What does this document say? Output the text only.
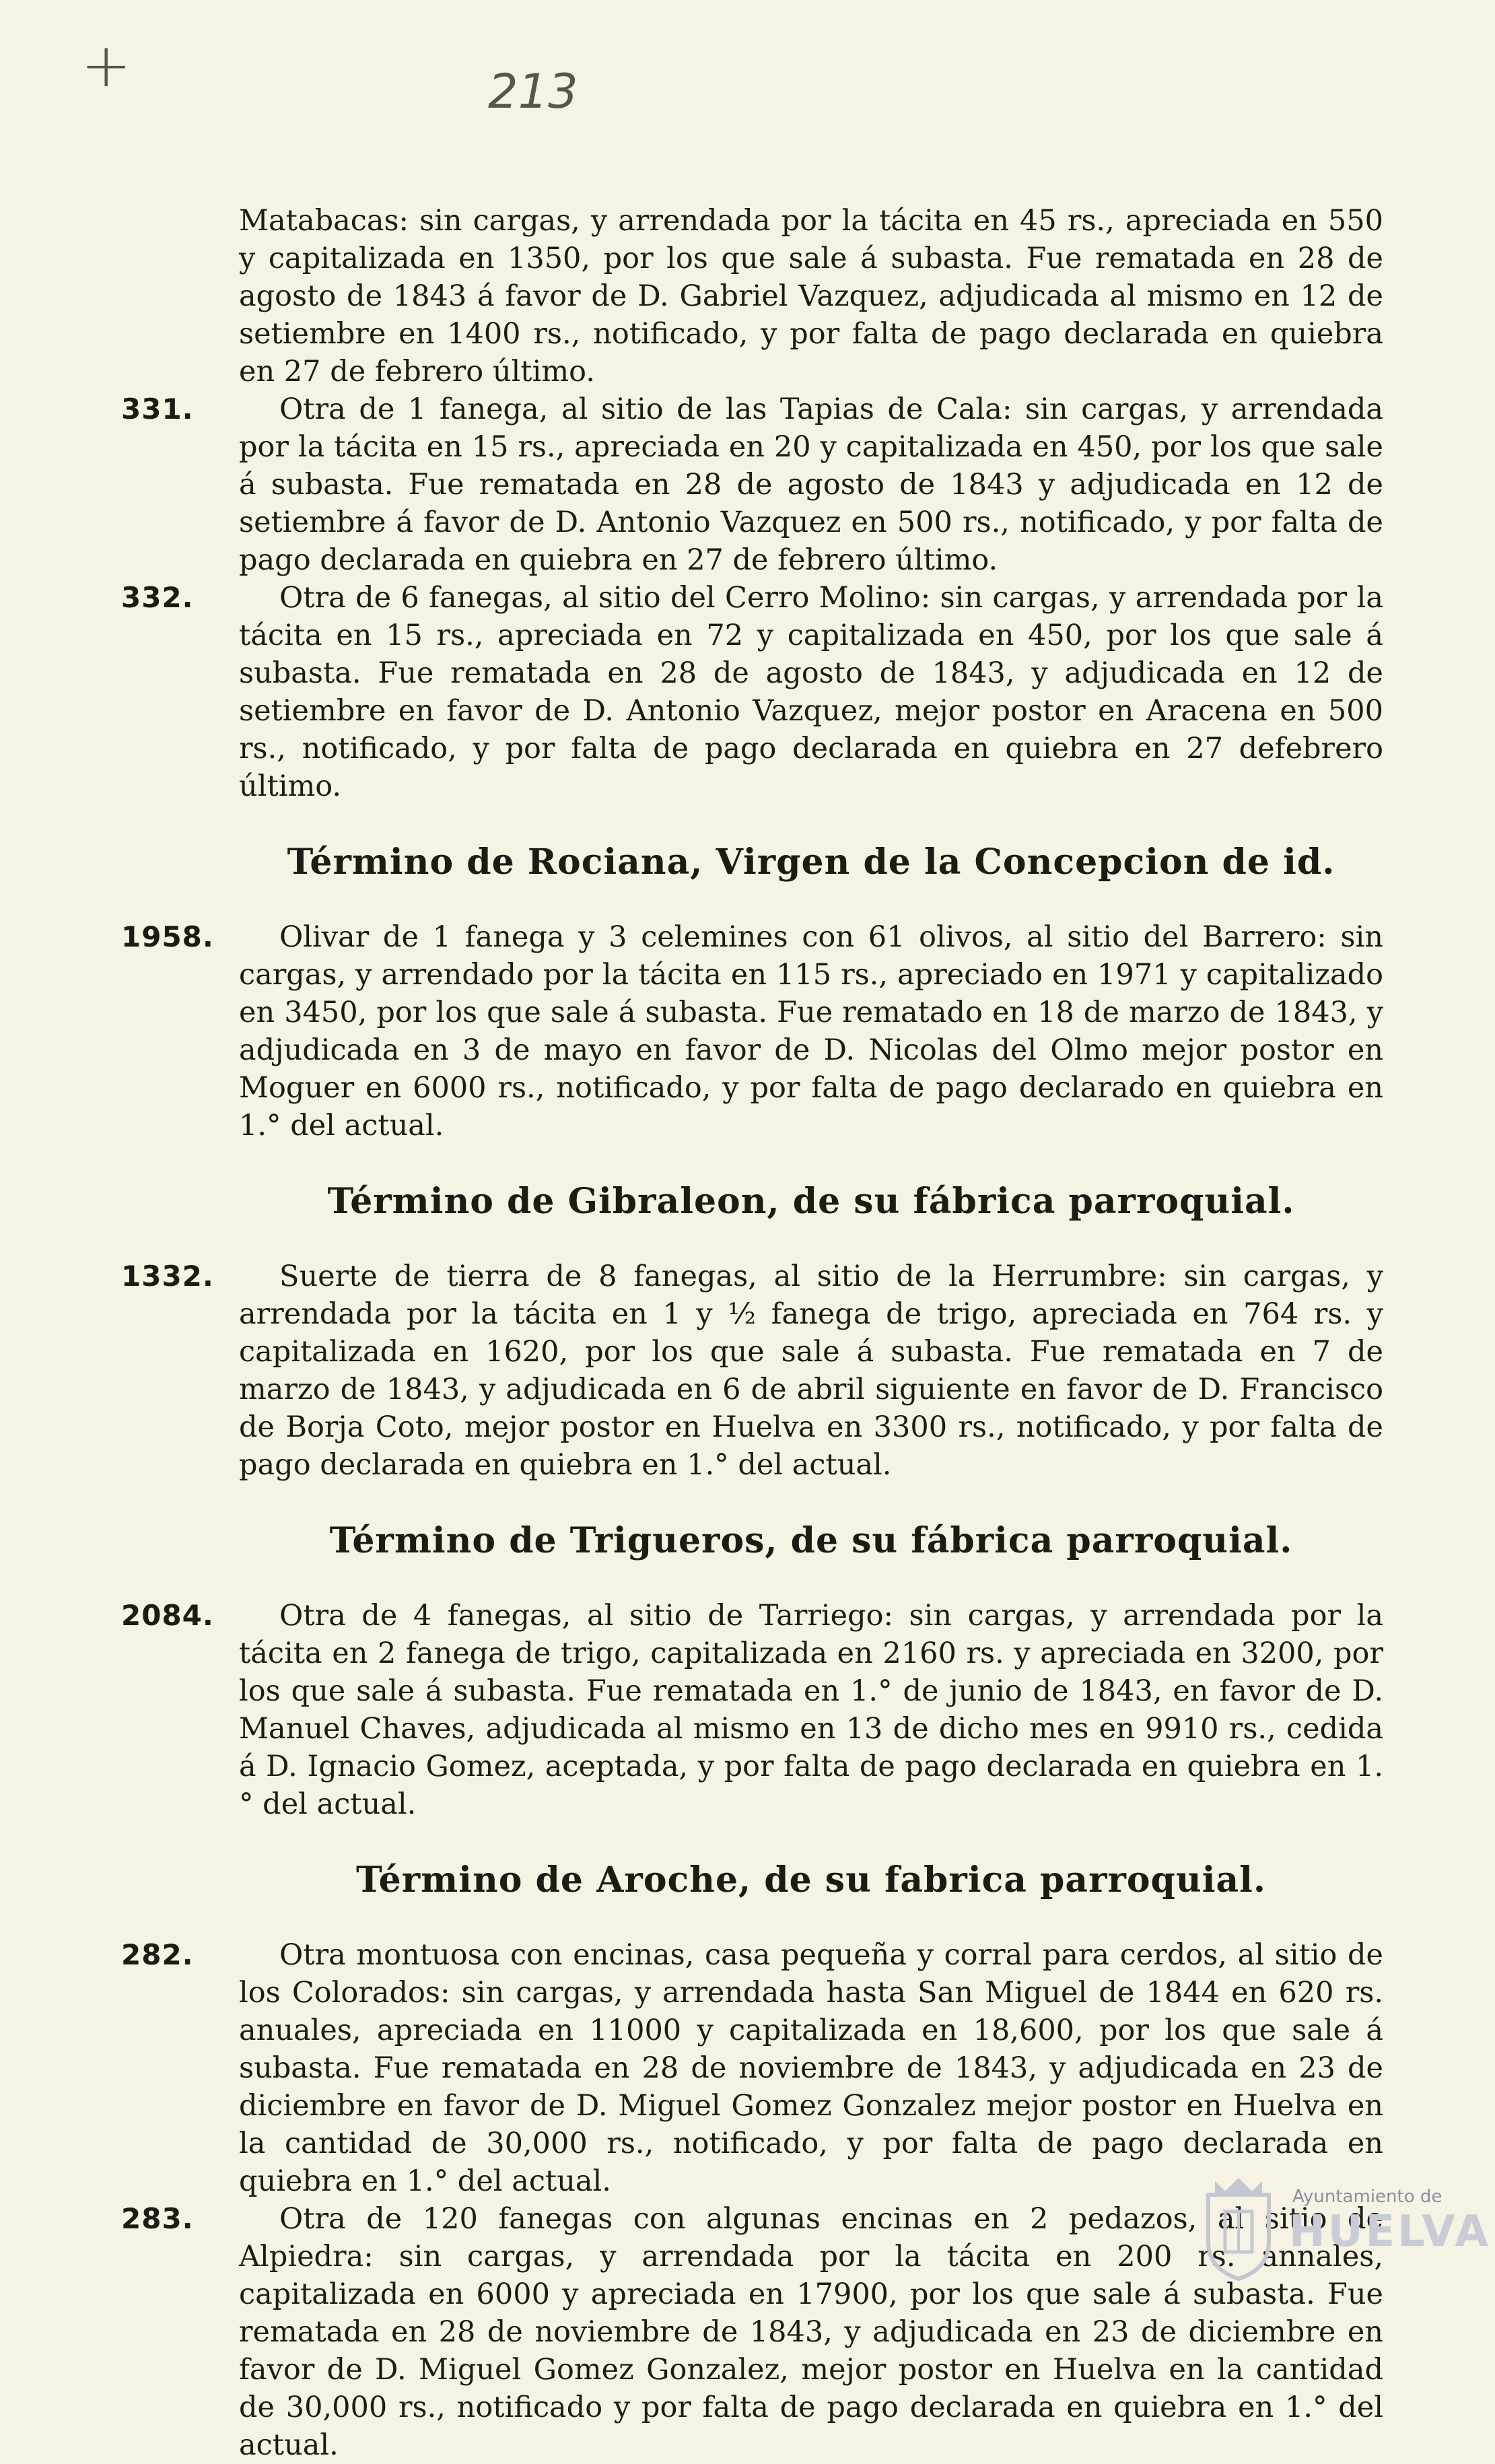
+	213

Matabacas: sin cargas, y arrendada por la tácita en 45 rs., apreciada en 550 y capitalizada en 1350, por los que sale á subasta. Fue rematada en 28 de agosto de 1843 á favor de D. Gabriel Vazquez, adjudicada al mismo en 12 de setiembre en 1400 rs., notificado, y por falta de pago declarada en quiebra en 27 de febrero último.

331.	Otra de 1 fanega, al sitio de las Tapias de Cala: sin cargas, y arrendada por la tácita en 15 rs., apreciada en 20 y capitalizada en 450, por los que sale á subasta. Fue rematada en 28 de agosto de 1843 y adjudicada en 12 de setiembre á favor de D. Antonio Vazquez en 500 rs., notificado, y por falta de pago declarada en quiebra en 27 de febrero último.

332.	Otra de 6 fanegas, al sitio del Cerro Molino: sin cargas, y arrendada por la tácita en 15 rs., apreciada en 72 y capitalizada en 450, por los que sale á subasta. Fue rematada en 28 de agosto de 1843, y adjudicada en 12 de setiembre en favor de D. Antonio Vazquez, mejor postor en Aracena en 500 rs., notificado, y por falta de pago declarada en quiebra en 27 defebrero último.

Término de Rociana, Virgen de la Concepcion de id.
1958.	Olivar de 1 fanega y 3 celemines con 61 olivos, al sitio del Barrero: sin cargas, y arrendado por la tácita en 115 rs., apreciado en 1971 y capitalizado en 3450, por los que sale á subasta. Fue rematado en 18 de marzo de 1843, y adjudicada en 3 de mayo en favor de D. Nicolas del Olmo mejor postor en Moguer en 6000 rs., notificado, y por falta de pago declarado en quiebra en 1.° del actual.

Término de Gibraleon, de su fábrica parroquial.
1332.	Suerte de tierra de 8 fanegas, al sitio de la Herrumbre: sin cargas, y arrendada por la tácita en 1 y ½ fanega de trigo, apreciada en 764 rs. y capitalizada en 1620, por los que sale á subasta. Fue rematada en 7 de marzo de 1843, y adjudicada en 6 de abril siguiente en favor de D. Francisco de Borja Coto, mejor postor en Huelva en 3300 rs., notificado, y por falta de pago declarada en quiebra en 1.° del actual.

Término de Trigueros, de su fábrica parroquial.
2084.	Otra de 4 fanegas, al sitio de Tarriego: sin cargas, y arrendada por la tácita en 2 fanega de trigo, capitalizada en 2160 rs. y apreciada en 3200, por los que sale á subasta. Fue rematada en 1.° de junio de 1843, en favor de D. Manuel Chaves, adjudicada al mismo en 13 de dicho mes en 9910 rs., cedida á D. Ignacio Gomez, aceptada, y por falta de pago declarada en quiebra en 1.° del actual.

Término de Aroche, de su fabrica parroquial.
282.	Otra montuosa con encinas, casa pequeña y corral para cerdos, al sitio de los Colorados: sin cargas, y arrendada hasta San Miguel de 1844 en 620 rs. anuales, apreciada en 11000 y capitalizada en 18,600, por los que sale á subasta. Fue rematada en 28 de noviembre de 1843, y adjudicada en 23 de diciembre en favor de D. Miguel Gomez Gonzalez mejor postor en Huelva en la cantidad de 30,000 rs., notificado, y por falta de pago declarada en quiebra en 1.° del actual.

283.	Otra de 120 fanegas con algunas encinas en 2 pedazos, al sitio de Alpiedra: sin cargas, y arrendada por la tácita en 200 rs. annales, capitalizada en 6000 y apreciada en 17900, por los que sale á subasta. Fue rematada en 28 de noviembre de 1843, y adjudicada en 23 de diciembre en favor de D. Miguel Gomez Gonzalez, mejor postor en Huelva en la cantidad de 30,000 rs., notificado y por falta de pago declarada en quiebra en 1.° del actual.

Ayuntamiento de
HUELVA
